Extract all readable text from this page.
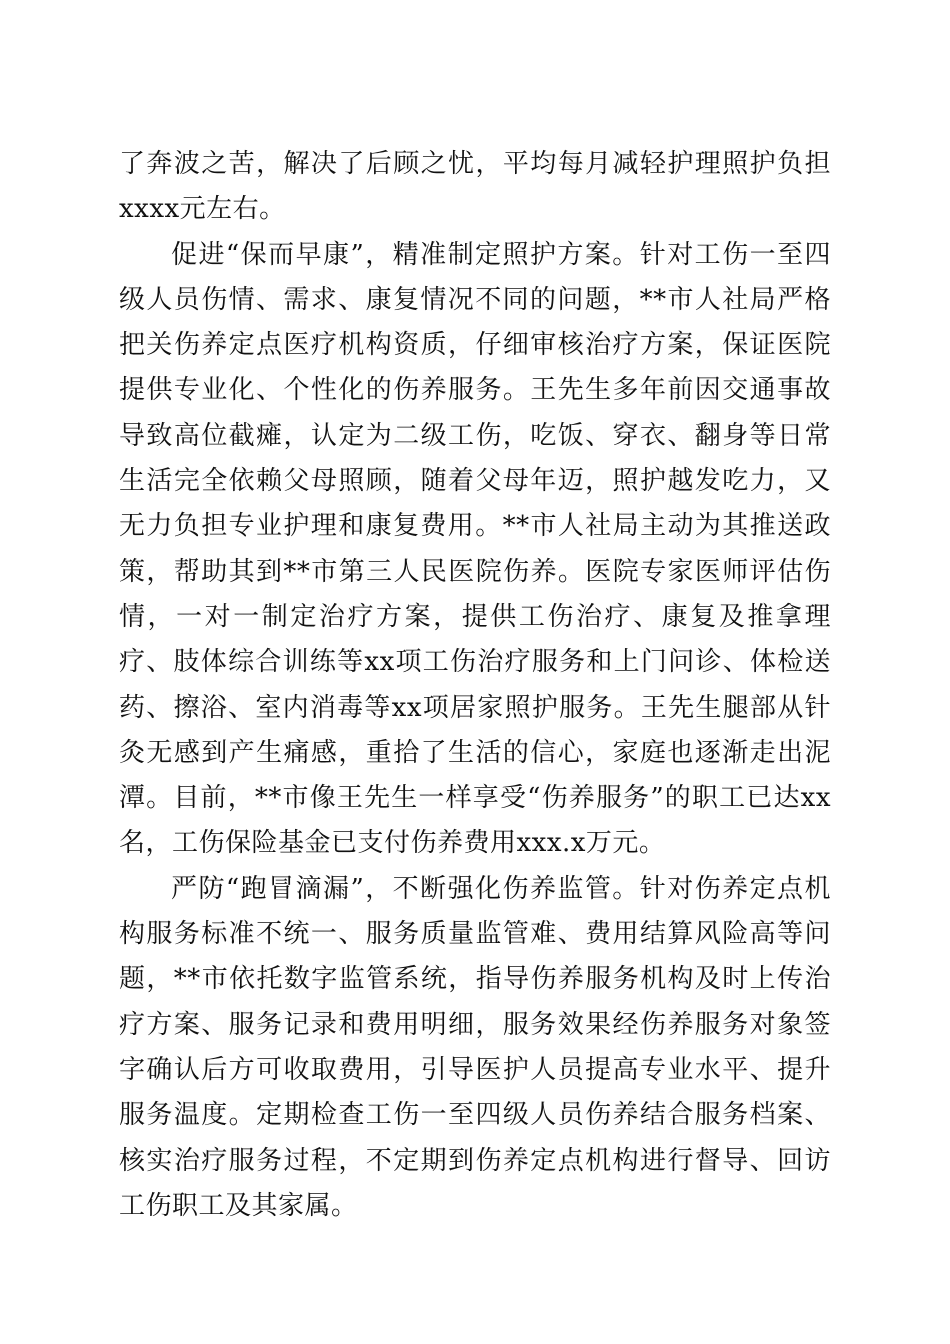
了奔波之苦，解决了后顾之忧，平均每月减轻护理照护负担xxxx元左右。

促进“保而早康”，精准制定照护方案。针对工伤一至四级人员伤情、需求、康复情况不同的问题，**市人社局严格把关伤养定点医疗机构资质，仔细审核治疗方案，保证医院提供专业化、个性化的伤养服务。王先生多年前因交通事故导致高位截瘫，认定为二级工伤，吃饭、穿衣、翻身等日常生活完全依赖父母照顾，随着父母年迈，照护越发吃力，又无力负担专业护理和康复费用。**市人社局主动为其推送政策，帮助其到**市第三人民医院伤养。医院专家医师评估伤情，一对一制定治疗方案，提供工伤治疗、康复及推拿理疗、肢体综合训练等xx项工伤治疗服务和上门问诊、体检送药、擦浴、室内消毒等xx项居家照护服务。王先生腿部从针灸无感到产生痛感，重拾了生活的信心，家庭也逐渐走出泥潭。目前，**市像王先生一样享受“伤养服务”的职工已达xx名，工伤保险基金已支付伤养费用xxx.x万元。

严防“跑冒滴漏”，不断强化伤养监管。针对伤养定点机构服务标准不统一、服务质量监管难、费用结算风险高等问题，**市依托数字监管系统，指导伤养服务机构及时上传治疗方案、服务记录和费用明细，服务效果经伤养服务对象签字确认后方可收取费用，引导医护人员提高专业水平、提升服务温度。定期检查工伤一至四级人员伤养结合服务档案、核实治疗服务过程，不定期到伤养定点机构进行督导、回访工伤职工及其家属。
